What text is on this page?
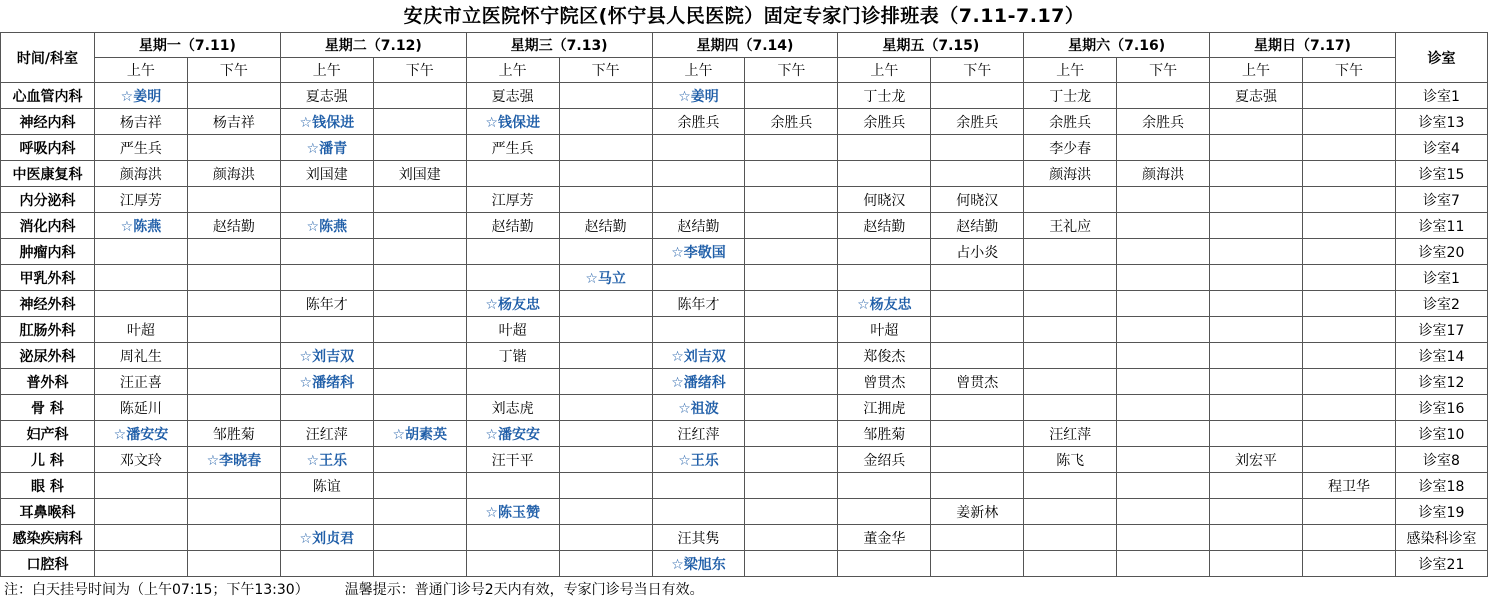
安庆市立医院怀宁院区(怀宁县人民医院）固定专家门诊排班表（7.11-7.17）
时间/科室	星期一（7.11)		星期二（7.12)		星期三（7.13)		星期四（7.14)		星期五（7.15)		星期六（7.16)		星期日（7.17)		诊室
	上午	下午	上午	下午	上午	下午	上午	下午	上午	下午	上午	下午	上午	下午	
心血管内科	☆姜明		夏志强		夏志强		☆姜明		丁士龙		丁士龙		夏志强		诊室1
神经内科	杨吉祥	杨吉祥	☆钱保进		☆钱保进		余胜兵	余胜兵	余胜兵	余胜兵	余胜兵	余胜兵			诊室13
呼吸内科	严生兵		☆潘青		严生兵						李少春				诊室4
中医康复科	颜海洪	颜海洪	刘国建	刘国建							颜海洪	颜海洪			诊室15
内分泌科	江厚芳				江厚芳				何晓汉	何晓汉					诊室7
消化内科	☆陈燕	赵结勤	☆陈燕		赵结勤	赵结勤	赵结勤		赵结勤	赵结勤	王礼应				诊室11
肿瘤内科							☆李敬国			占小炎					诊室20
甲乳外科						☆马立									诊室1
神经外科			陈年才		☆杨友忠		陈年才		☆杨友忠						诊室2
肛肠外科	叶超				叶超				叶超						诊室17
泌尿外科	周礼生		☆刘吉双		丁锴		☆刘吉双		郑俊杰						诊室14
普外科	汪正喜		☆潘绪科				☆潘绪科		曾贯杰	曾贯杰					诊室12
骨 科	陈延川				刘志虎		☆祖波		江拥虎						诊室16
妇产科	☆潘安安	邹胜菊	汪红萍	☆胡素英	☆潘安安		汪红萍		邹胜菊		汪红萍				诊室10
儿 科	邓文玲	☆李晓春	☆王乐		汪干平		☆王乐		金绍兵		陈飞		刘宏平		诊室8
眼 科			陈谊											程卫华	诊室18
耳鼻喉科					☆陈玉赞					姜新林					诊室19
感染疾病科			☆刘贞君				汪其隽		董金华						感染科诊室
口腔科							☆梁旭东								诊室21
注：白天挂号时间为（上午07:15；下午13:30）	温馨提示：普通门诊号2天内有效，专家门诊号当日有效。
